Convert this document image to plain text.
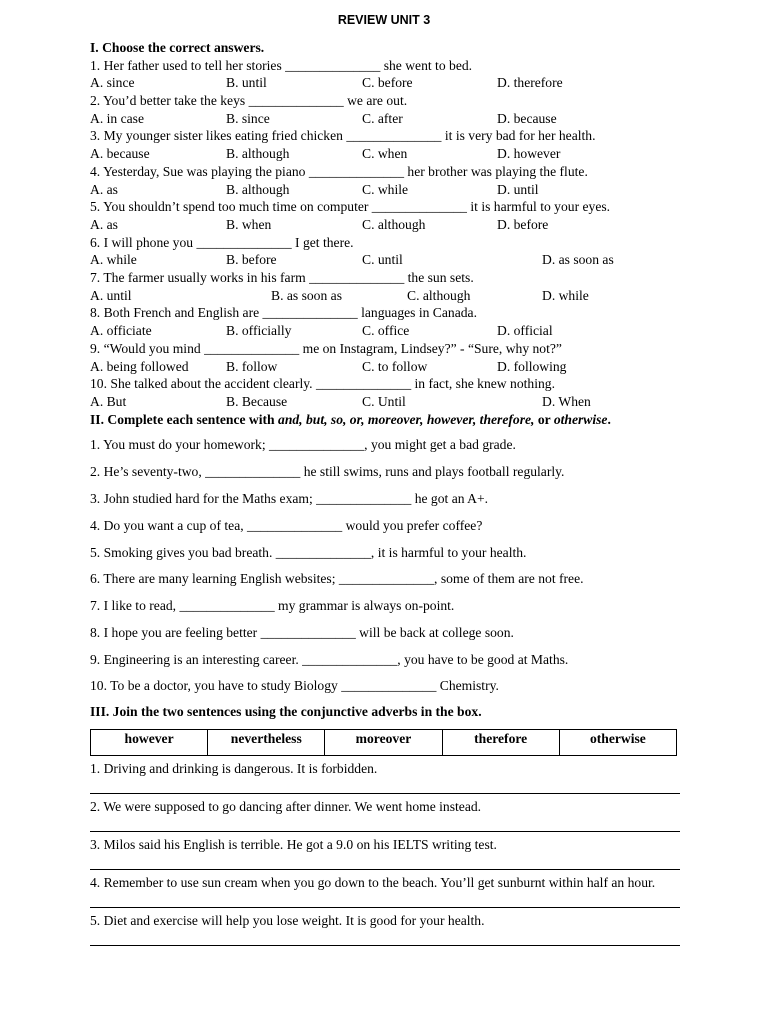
REVIEW UNIT 3
I. Choose the correct answers.
1. Her father used to tell her stories ______________ she went to bed.
A. since	B. until	C. before	D. therefore
2. You’d better take the keys ______________ we are out.
A. in case	B. since	C. after	D. because
3. My younger sister likes eating fried chicken ______________ it is very bad for her health.
A. because	B. although	C. when	D. however
4. Yesterday, Sue was playing the piano ______________ her brother was playing the flute.
A. as	B. although	C. while	D. until
5. You shouldn’t spend too much time on computer ______________ it is harmful to your eyes.
A. as	B. when	C. although	D. before
6. I will phone you ______________ I get there.
A. while	B. before	C. until	D. as soon as
7. The farmer usually works in his farm ______________ the sun sets.
A. until	B. as soon as	C. although	D. while
8. Both French and English are ______________ languages in Canada.
A. officiate	B. officially	C. office	D. official
9. “Would you mind ______________ me on Instagram, Lindsey?” - “Sure, why not?”
A. being followed	B. follow	C. to follow	D. following
10. She talked about the accident clearly. ______________ in fact, she knew nothing.
A. But	B. Because	C. Until	D. When
II. Complete each sentence with and, but, so, or, moreover, however, therefore, or otherwise.
1. You must do your homework; ______________, you might get a bad grade.
2. He’s seventy-two, ______________ he still swims, runs and plays football regularly.
3. John studied hard for the Maths exam; ______________ he got an A+.
4. Do you want a cup of tea, ______________ would you prefer coffee?
5. Smoking gives you bad breath. ______________, it is harmful to your health.
6. There are many learning English websites; ______________, some of them are not free.
7. I like to read, ______________ my grammar is always on-point.
8. I hope you are feeling better ______________ will be back at college soon.
9. Engineering is an interesting career. ______________, you have to be good at Maths.
10. To be a doctor, you have to study Biology ______________ Chemistry.
III. Join the two sentences using the conjunctive adverbs in the box.
however	nevertheless	moreover	therefore	otherwise
1. Driving and drinking is dangerous. It is forbidden.
2. We were supposed to go dancing after dinner. We went home instead.
3. Milos said his English is terrible. He got a 9.0 on his IELTS writing test.
4. Remember to use sun cream when you go down to the beach. You’ll get sunburnt within half an hour.
5. Diet and exercise will help you lose weight. It is good for your health.
